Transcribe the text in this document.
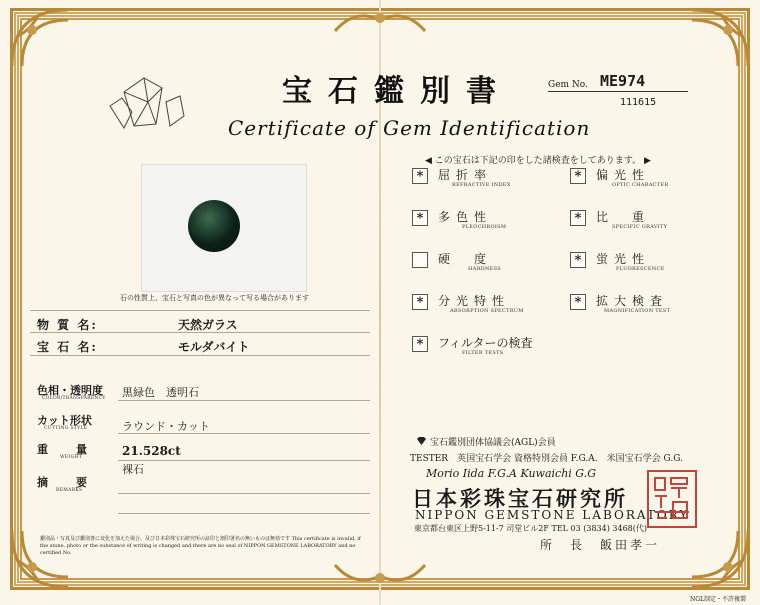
宝石鑑別書
Certificate of Gem Identification
Gem No. ME974
111615
石の性質上、宝石と写真の色が異なって写る場合があります
物 質 名:	天然ガラス
宝 石 名:	モルダバイト
色相・透明度
COLOR/TRANSPARENCY 黒緑色　透明石
カット形状
CUTTING STYLE	ラウンド・カット
重　　量
WEIGHT	21.528ct
裸石
摘　　要
REMARKS
◀ この宝石は下記の印をした諸検査をしてあります。 ▶
*	屈折率
REFRACTIVE INDEX
*	偏光性
OPTIC CHARACTER
*	多色性
PLEOCHROISM
*	比　重
SPECIFIC GRAVITY
硬　度
HARDNESS
*	蛍光性
FLUORESCENCE
*	分光特性
ABSORPTION SPECTRUM
*	拡大検査
MAGNIFICATION TEST
*	フィルターの検査
FILTER TESTS
宝石鑑別団体協議会(AGL)会員
TESTER　英国宝石学会 資格特別会員 F.G.A.　米国宝石学会 G.G.
Morio Iida F.G.A Kuwaichi G.G
日本彩珠宝石研究所
NIPPON GEMSTONE LABORATORY
東京都台東区上野5-11-7 司堂ビル2F TEL 03 (3834) 3468(代)
所　長　飯田孝一
鑑別品・写真及び鑑別書に変化を加えた場合、及び日本彩珠宝石研究所の証印と割印署名の無いものは無効です This certificate is invalid, if the stone, photo or the substance of writing is changed and there are no seal of NIPPON GEMSTONE LABORATORY and no certified No.
NGL制定・不許複製
